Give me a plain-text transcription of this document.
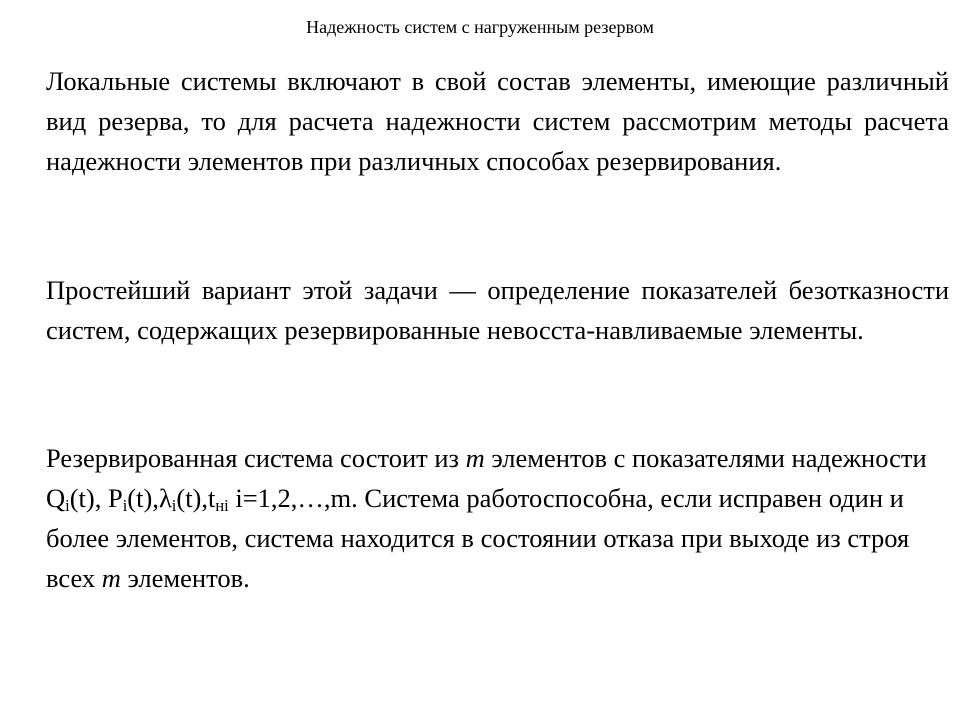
Надежность систем с нагруженным резервом

Локальные системы включают в свой состав элементы, имеющие различный вид резерва, то для расчета надежности систем рассмотрим методы расчета надежности элементов при различных способах резервирования.

Простейший вариант этой задачи — определение показателей безотказности систем, содержащих резервированные невосста-навливаемые элементы.

Резервированная система состоит из m элементов с показателями надежности $Q_i(t)$, $P_i(t),\lambda_i(t),t_{нi}$ i=1,2,…,m. Система работоспособна, если исправен один и более элементов, система находится в состоянии отказа при выходе из строя всех m элементов.
